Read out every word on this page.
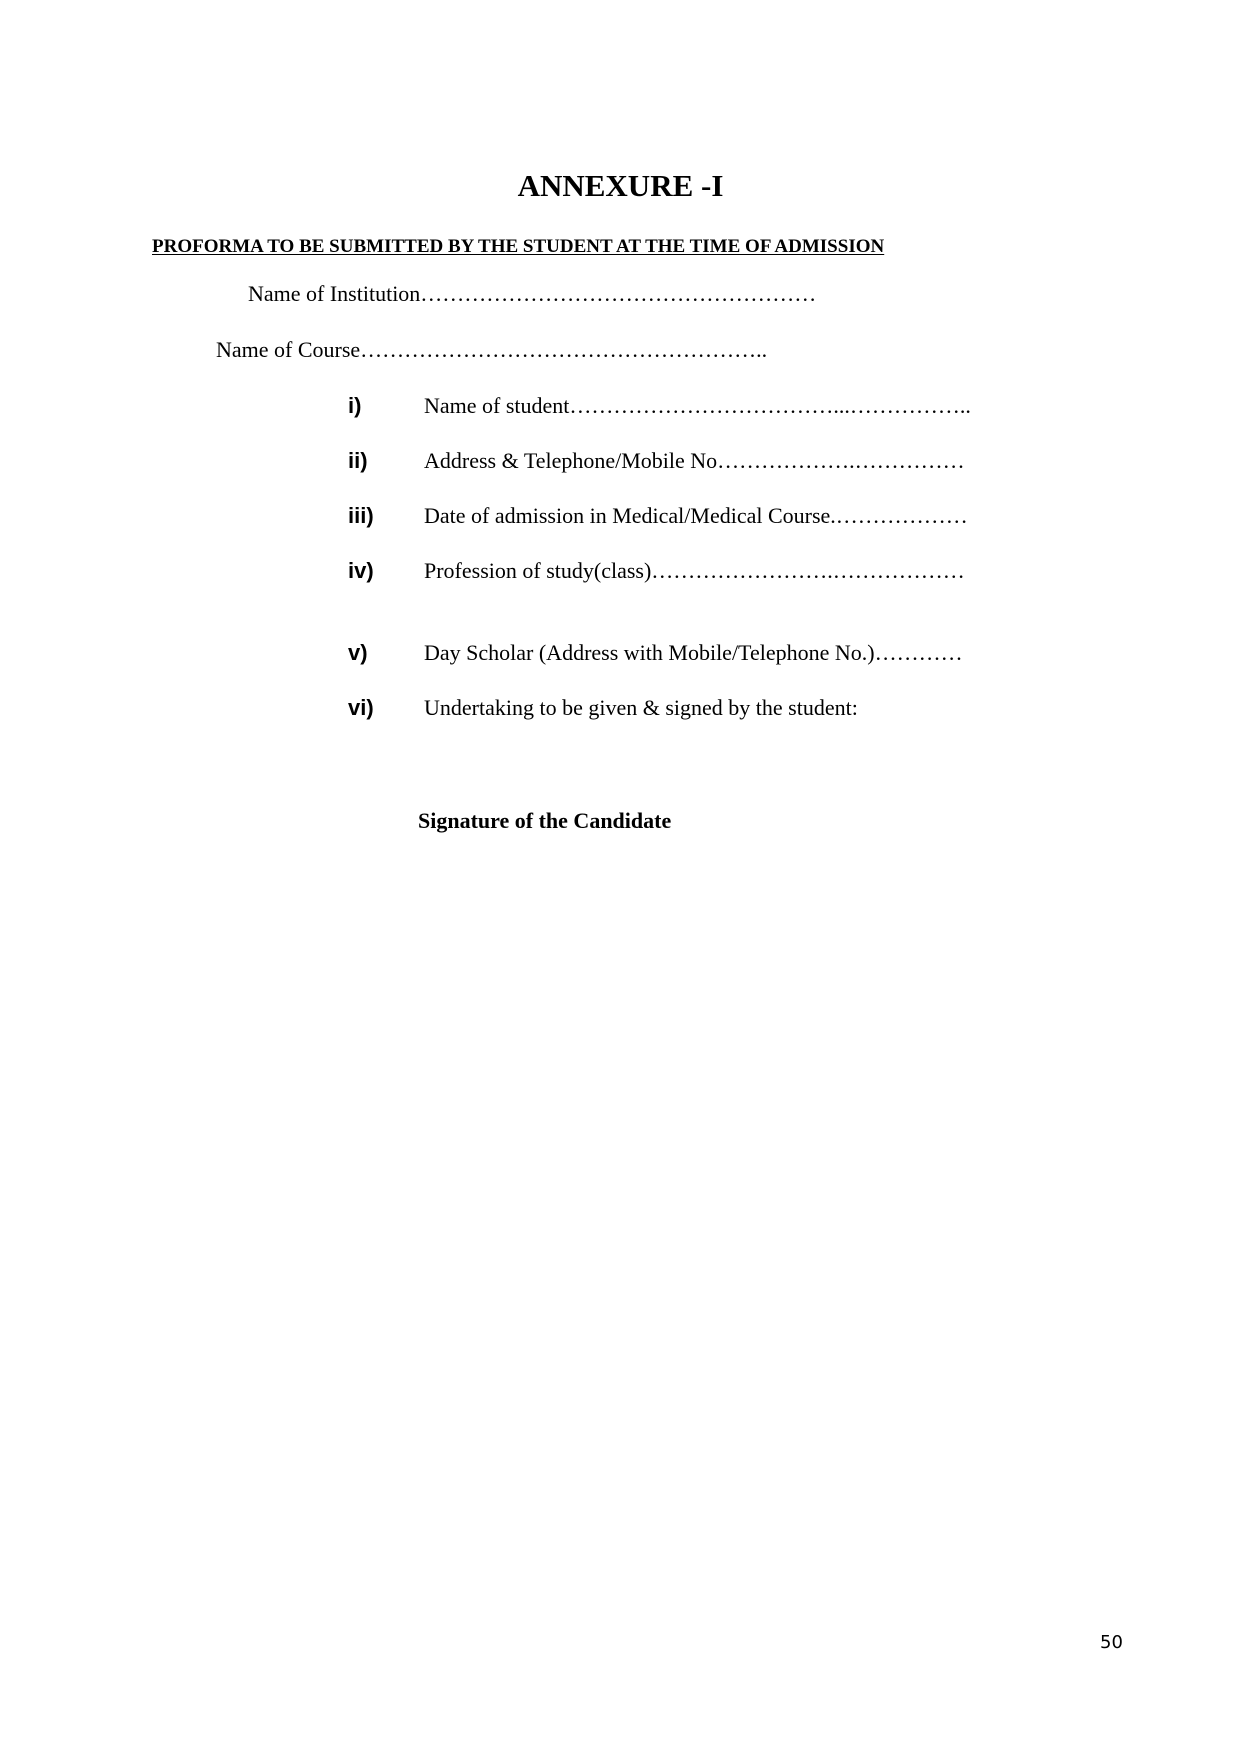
ANNEXURE -I
PROFORMA TO BE SUBMITTED BY THE STUDENT AT THE TIME OF ADMISSION
Name of Institution………………………………………………
Name of Course………………………………………………..
i)	Name of student………………………………...……………..
ii)	Address & Telephone/Mobile No……………….……………
iii) Date of admission in Medical/Medical Course.………………
iv) Profession of study(class)…………………….………………
v)	Day Scholar (Address with Mobile/Telephone No.)…………
vi) Undertaking to be given & signed by the student:
Signature of the Candidate
50
